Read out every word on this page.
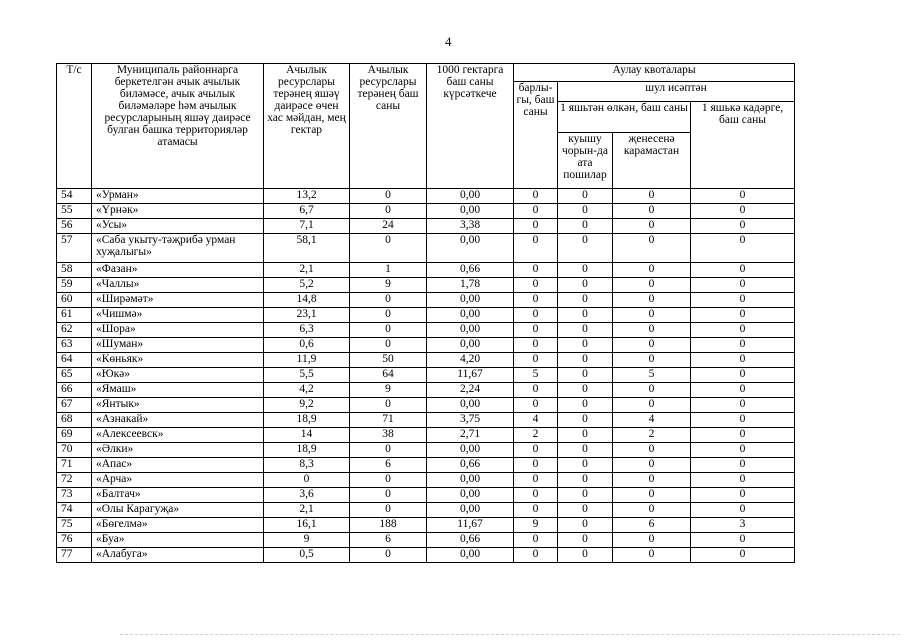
4
Т/с	Муниципаль районнарга беркетелгән ачык ачылык биләмәсе, ачык ачылык биләмәләре һәм ачылык ресурсларының яшәү даирәсе булган башка территорияләр атамасы	Ачылык ресурслары терәнең яшәү даирәсе өчен хас мәйдан, мең гектар	Ачылык ресурслары терәнең баш саны	1000 гектарга баш саны күрсәткече	Аулау квоталары			
					барлы-гы, баш саны	шул исәптән		
						1 яшьтән өлкән, баш саны		1 яшькә кадәрге, баш саны
						куышу чорын-да ата пошилар	җенесенә карамастан	
54	«Урман»	13,2	0	0,00	0	0	0	0
55	«Үрнәк»	6,7	0	0,00	0	0	0	0
56	«Усы»	7,1	24	3,38	0	0	0	0
57	«Саба укыту-тәҗрибә урман хуҗалыгы»	58,1	0	0,00	0	0	0	0
58	«Фазан»	2,1	1	0,66	0	0	0	0
59	«Чаллы»	5,2	9	1,78	0	0	0	0
60	«Ширәмәт»	14,8	0	0,00	0	0	0	0
61	«Чишмә»	23,1	0	0,00	0	0	0	0
62	«Шора»	6,3	0	0,00	0	0	0	0
63	«Шуман»	0,6	0	0,00	0	0	0	0
64	«Көньяк»	11,9	50	4,20	0	0	0	0
65	«Юкә»	5,5	64	11,67	5	0	5	0
66	«Ямаш»	4,2	9	2,24	0	0	0	0
67	«Янтык»	9,2	0	0,00	0	0	0	0
68	«Азнакай»	18,9	71	3,75	4	0	4	0
69	«Алексеевск»	14	38	2,71	2	0	2	0
70	«Әлки»	18,9	0	0,00	0	0	0	0
71	«Апас»	8,3	6	0,66	0	0	0	0
72	«Арча»	0	0	0,00	0	0	0	0
73	«Балтач»	3,6	0	0,00	0	0	0	0
74	«Олы Карагуҗа»	2,1	0	0,00	0	0	0	0
75	«Бөгелмә»	16,1	188	11,67	9	0	6	3
76	«Буа»	9	6	0,66	0	0	0	0
77	«Алабуга»	0,5	0	0,00	0	0	0	0
